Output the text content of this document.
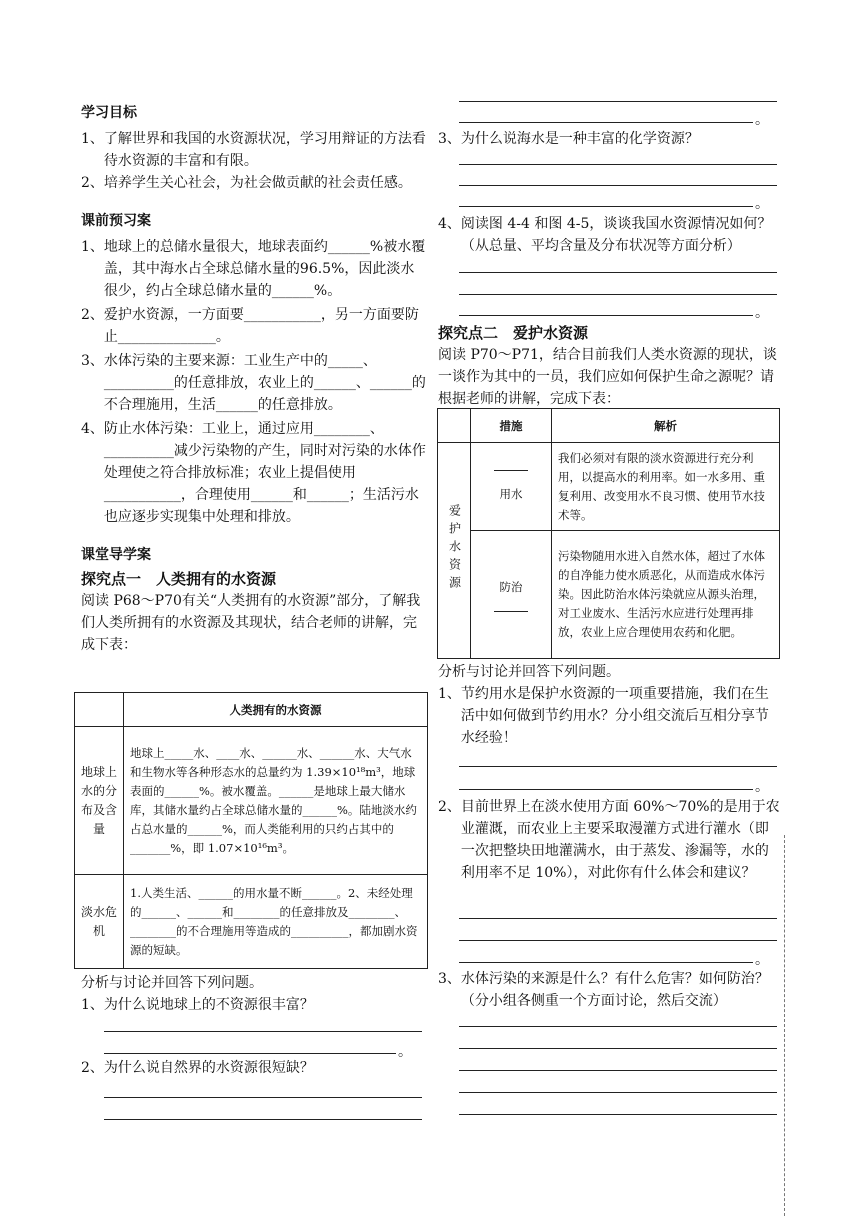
学习目标
1、 了解世界和我国的水资源状况，学习用辩证的方法看待水资源的丰富和有限。
2、 培养学生关心社会，为社会做贡献的社会责任感。
课前预习案
1、 地球上的总储水量很大，地球表面约______%被水覆盖，其中海水占全球总储水量的96.5%，因此淡水很少，约占全球总储水量的______%。
2、 爱护水资源，一方面要___________，另一方面要防止______________。
3、 水体污染的主要来源：工业生产中的_____、__________的任意排放，农业上的______、______的不合理施用，生活______的任意排放。
4、 防止水体污染：工业上，通过应用________、__________减少污染物的产生，同时对污染的水体作处理使之符合排放标准；农业上提倡使用___________，合理使用______和______；生活污水也应逐步实现集中处理和排放。
课堂导学案
探究点一　人类拥有的水资源
阅读 P68～P70有关“人类拥有的水资源”部分，了解我们人类所拥有的水资源及其现状，结合老师的讲解，完成下表：
	人类拥有的水资源
地球上水的分布及含量	地球上_____水、____水、______水、______水、大气水和生物水等各种形态水的总量约为 1.39×10¹⁸m³，地球表面的______%。被水覆盖。______是地球上最大储水库，其储水量约占全球总储水量的______%。陆地淡水约占总水量的______%，而人类能利用的只约占其中的_______%，即 1.07×10¹⁶m³。
淡水危机	1.人类生活、______的用水量不断______。2、未经处理的______、______和________的任意排放及________、________的不合理施用等造成的__________，都加剧水资源的短缺。
分析与讨论并回答下列问题。
1、 为什么说地球上的不资源很丰富？
。
2、 为什么说自然界的水资源很短缺？
。
3、 为什么说海水是一种丰富的化学资源？
。
4、 阅读图 4-4 和图 4-5，谈谈我国水资源情况如何？（从总量、平均含量及分布状况等方面分析）
。
探究点二　爱护水资源
阅读 P70～P71，结合目前我们人类水资源的现状，谈一谈作为其中的一员，我们应如何保护生命之源呢？请根据老师的讲解，完成下表：
	措施	解析
爱护水资源	用水	我们必须对有限的淡水资源进行充分利用，以提高水的利用率。如一水多用、重复利用、改变用水不良习惯、使用节水技术等。
	防治	污染物随用水进入自然水体，超过了水体的自净能力使水质恶化，从而造成水体污染。因此防治水体污染就应从源头治理，对工业废水、生活污水应进行处理再排放，农业上应合理使用农药和化肥。
分析与讨论并回答下列问题。
1、 节约用水是保护水资源的一项重要措施，我们在生活中如何做到节约用水？分小组交流后互相分享节水经验！
。
2、 目前世界上在淡水使用方面 60%～70%的是用于农业灌溉，而农业上主要采取漫灌方式进行灌水（即一次把整块田地灌满水，由于蒸发、渗漏等，水的利用率不足 10%），对此你有什么体会和建议？
。
3、 水体污染的来源是什么？有什么危害？如何防治？（分小组各侧重一个方面讨论，然后交流）
